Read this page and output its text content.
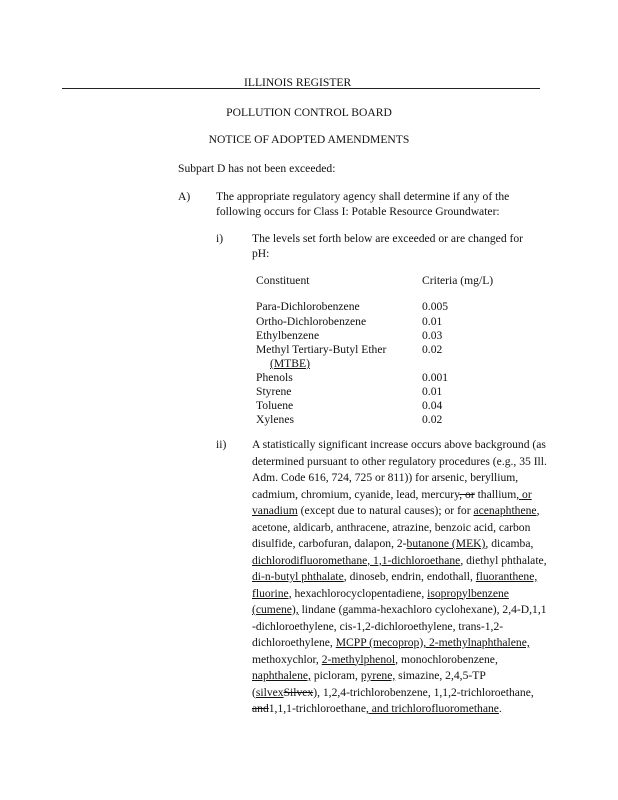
ILLINOIS REGISTER
POLLUTION CONTROL BOARD
NOTICE OF ADOPTED AMENDMENTS
Subpart D has not been exceeded:
A) The appropriate regulatory agency shall determine if any of the
following occurs for Class I: Potable Resource Groundwater:
i) The levels set forth below are exceeded or are changed for
pH:
Constituent	Criteria (mg/L)
Para-Dichlorobenzene	0.005
Ortho-Dichlorobenzene	0.01
Ethylbenzene	0.03
Methyl Tertiary-Butyl Ether	0.02
(MTBE)
Phenols	0.001
Styrene	0.01
Toluene	0.04
Xylenes	0.02
ii) A statistically significant increase occurs above background (as determined pursuant to other regulatory procedures (e.g., 35 Ill. Adm. Code 616, 724, 725 or 811)) for arsenic, beryllium, cadmium, chromium, cyanide, lead, mercury, or thallium, or vanadium (except due to natural causes); or for acenaphthene, acetone, aldicarb, anthracene, atrazine, benzoic acid, carbon disulfide, carbofuran, dalapon, 2-butanone (MEK), dicamba, dichlorodifluoromethane, 1,1-dichloroethane, diethyl phthalate, di-n-butyl phthalate, dinoseb, endrin, endothall, fluoranthene, fluorine, hexachlorocyclopentadiene, isopropylbenzene (cumene), lindane (gamma-hexachloro cyclohexane), 2,4-D,1,1 -dichloroethylene, cis-1,2-dichloroethylene, trans-1,2-dichloroethylene, MCPP (mecoprop), 2-methylnaphthalene, methoxychlor, 2-methylphenol, monochlorobenzene, naphthalene, picloram, pyrene, simazine, 2,4,5-TP (silvexSilvex), 1,2,4-trichlorobenzene, 1,1,2-trichloroethane, and1,1,1-trichloroethane, and trichlorofluoromethane.
